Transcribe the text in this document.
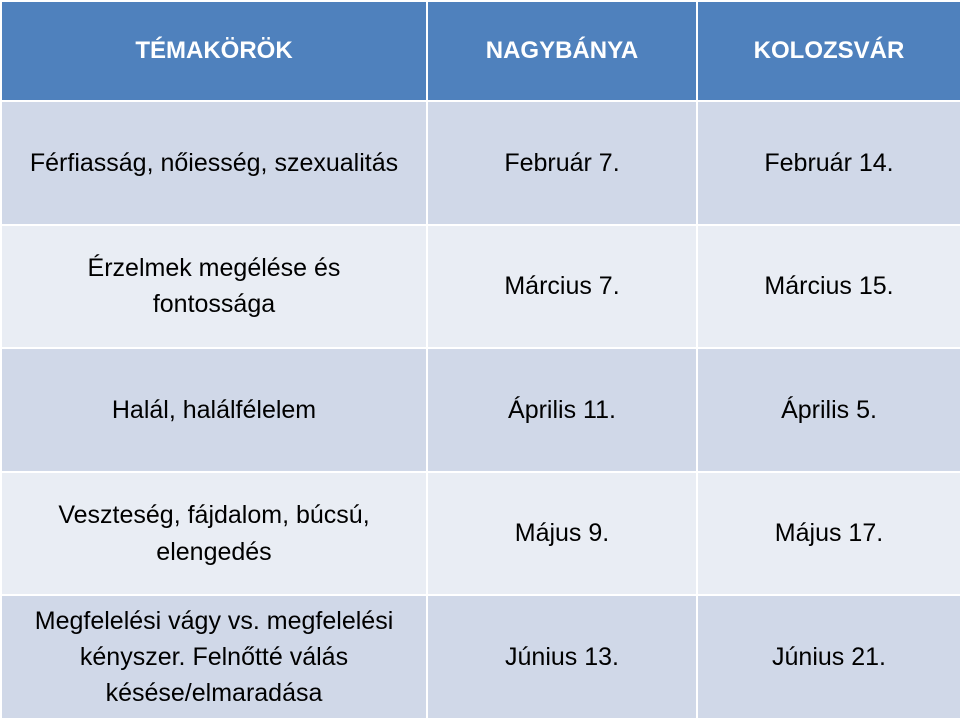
TÉMAKÖRÖK	NAGYBÁNYA	KOLOZSVÁR
Férfiasság, nőiesség, szexualitás	Február 7.	Február 14.
Érzelmek megélése és fontossága	Március 7.	Március 15.
Halál, halálfélelem	Április 11.	Április 5.
Veszteség, fájdalom, búcsú, elengedés	Május 9.	Május 17.
Megfelelési vágy vs. megfelelési kényszer. Felnőtté válás késése/elmaradása	Június 13.	Június 21.
